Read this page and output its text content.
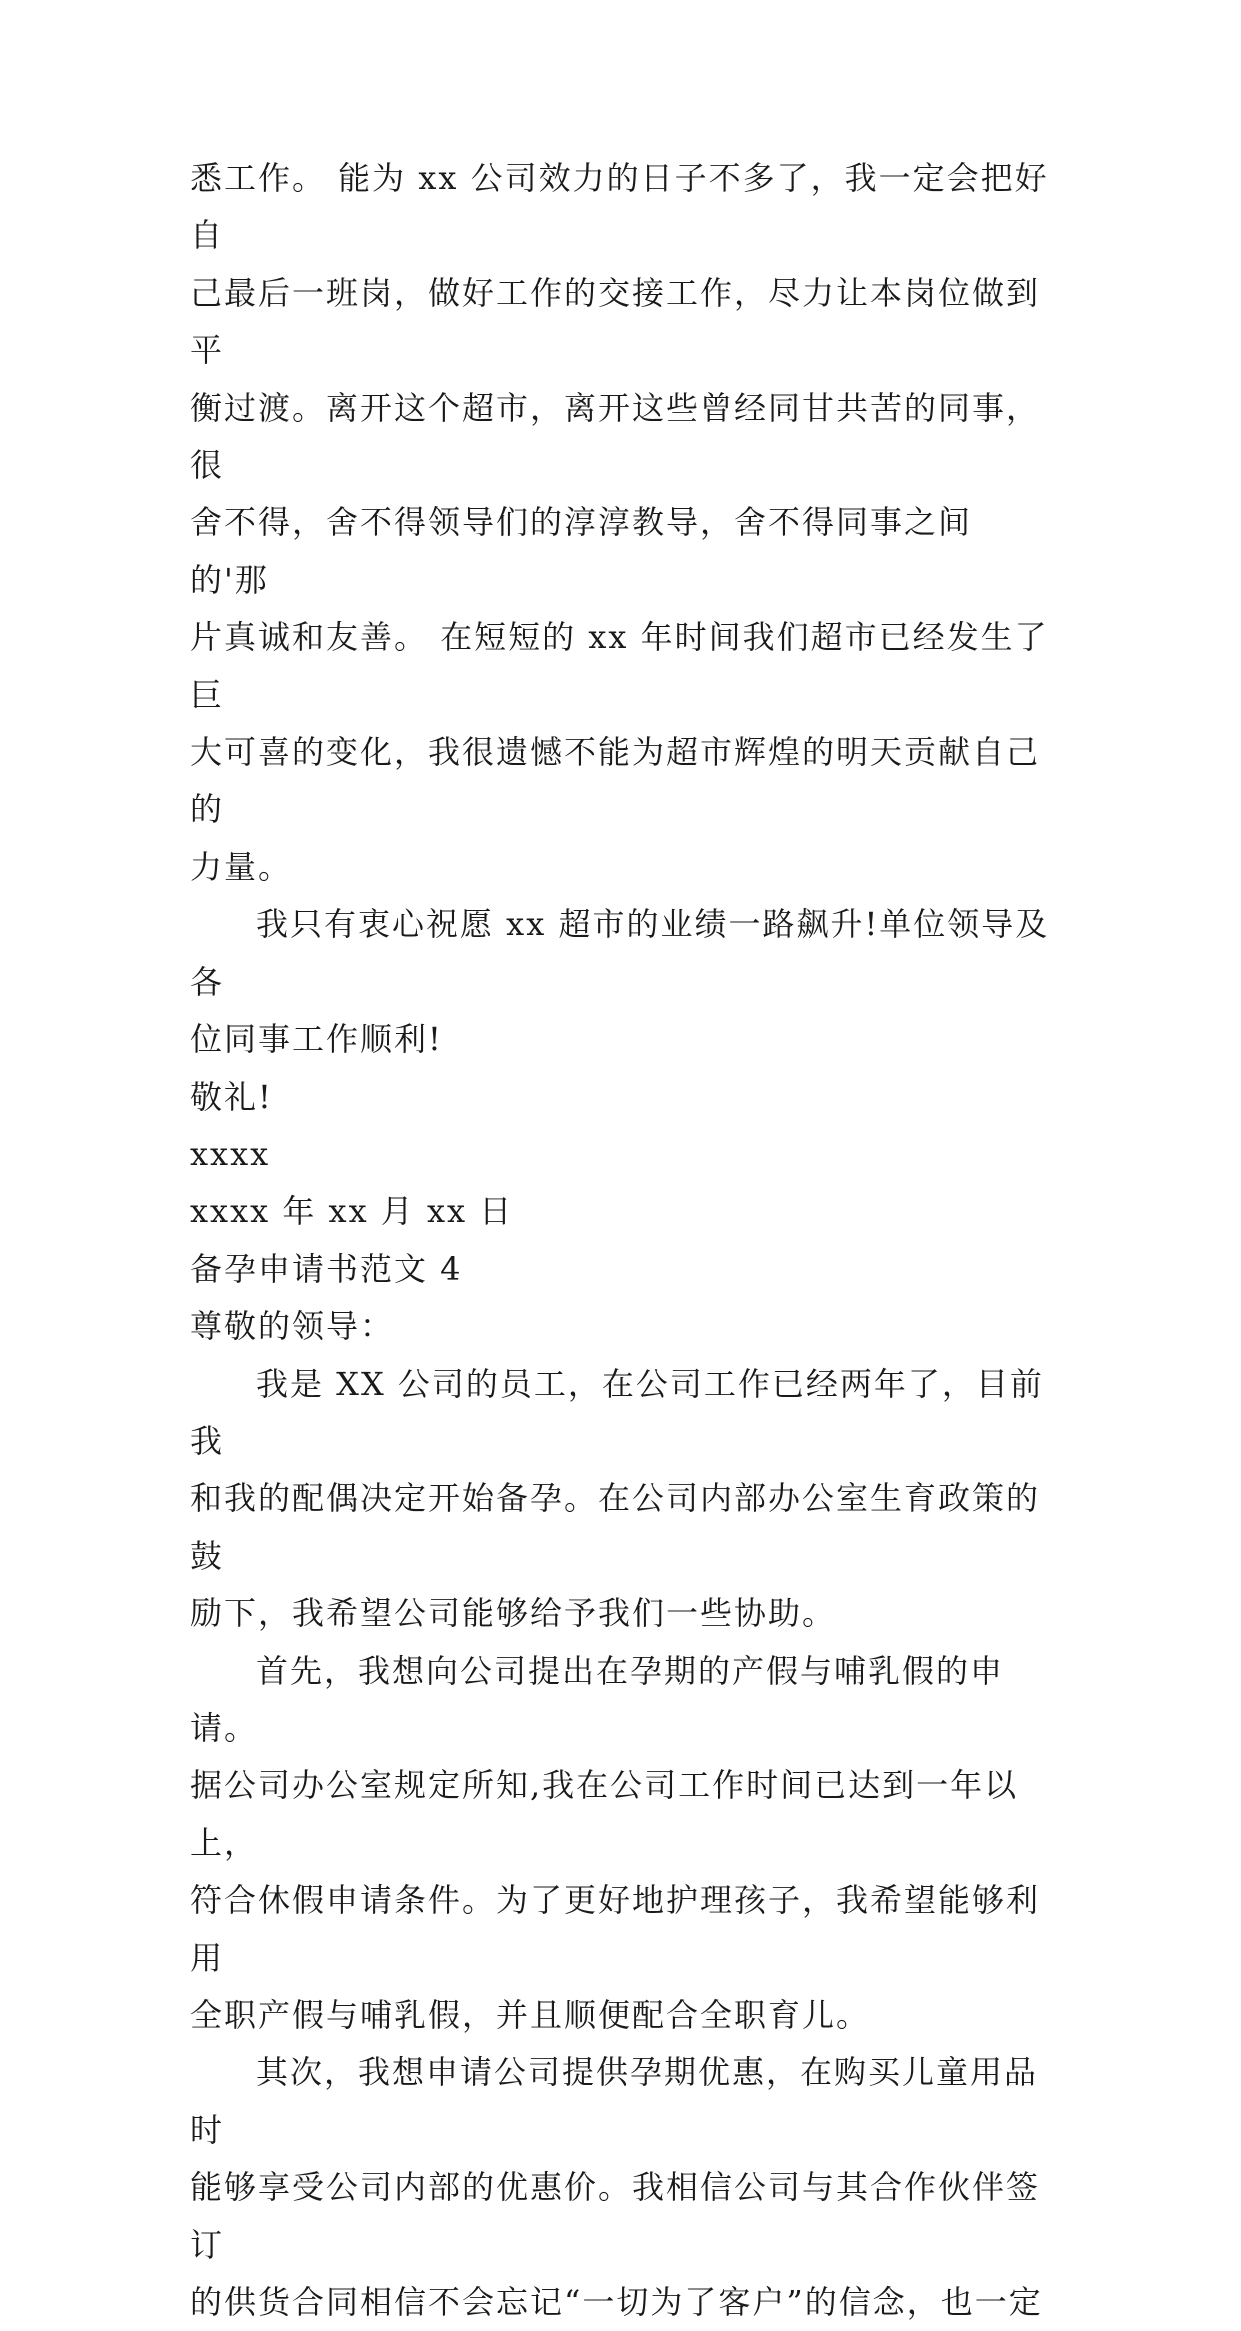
悉工作。 能为 xx 公司效力的日子不多了，我一定会把好自

己最后一班岗，做好工作的交接工作，尽力让本岗位做到平

衡过渡。离开这个超市，离开这些曾经同甘共苦的同事，很

舍不得，舍不得领导们的淳淳教导，舍不得同事之间的'那

片真诚和友善。 在短短的 xx 年时间我们超市已经发生了巨

大可喜的变化，我很遗憾不能为超市辉煌的明天贡献自己的

力量。

我只有衷心祝愿 xx 超市的业绩一路飙升!单位领导及各

位同事工作顺利!

敬礼!

xxxx

xxxx 年 xx 月 xx 日

备孕申请书范文 4

尊敬的领导：

我是 XX 公司的员工，在公司工作已经两年了，目前我

和我的配偶决定开始备孕。在公司内部办公室生育政策的鼓

励下，我希望公司能够给予我们一些协助。

首先，我想向公司提出在孕期的产假与哺乳假的申请。

据公司办公室规定所知,我在公司工作时间已达到一年以上，

符合休假申请条件。为了更好地护理孩子，我希望能够利用

全职产假与哺乳假，并且顺便配合全职育儿。

其次，我想申请公司提供孕期优惠，在购买儿童用品时

能够享受公司内部的优惠价。我相信公司与其合作伙伴签订

的供货合同相信不会忘记“一切为了客户”的信念，也一定
